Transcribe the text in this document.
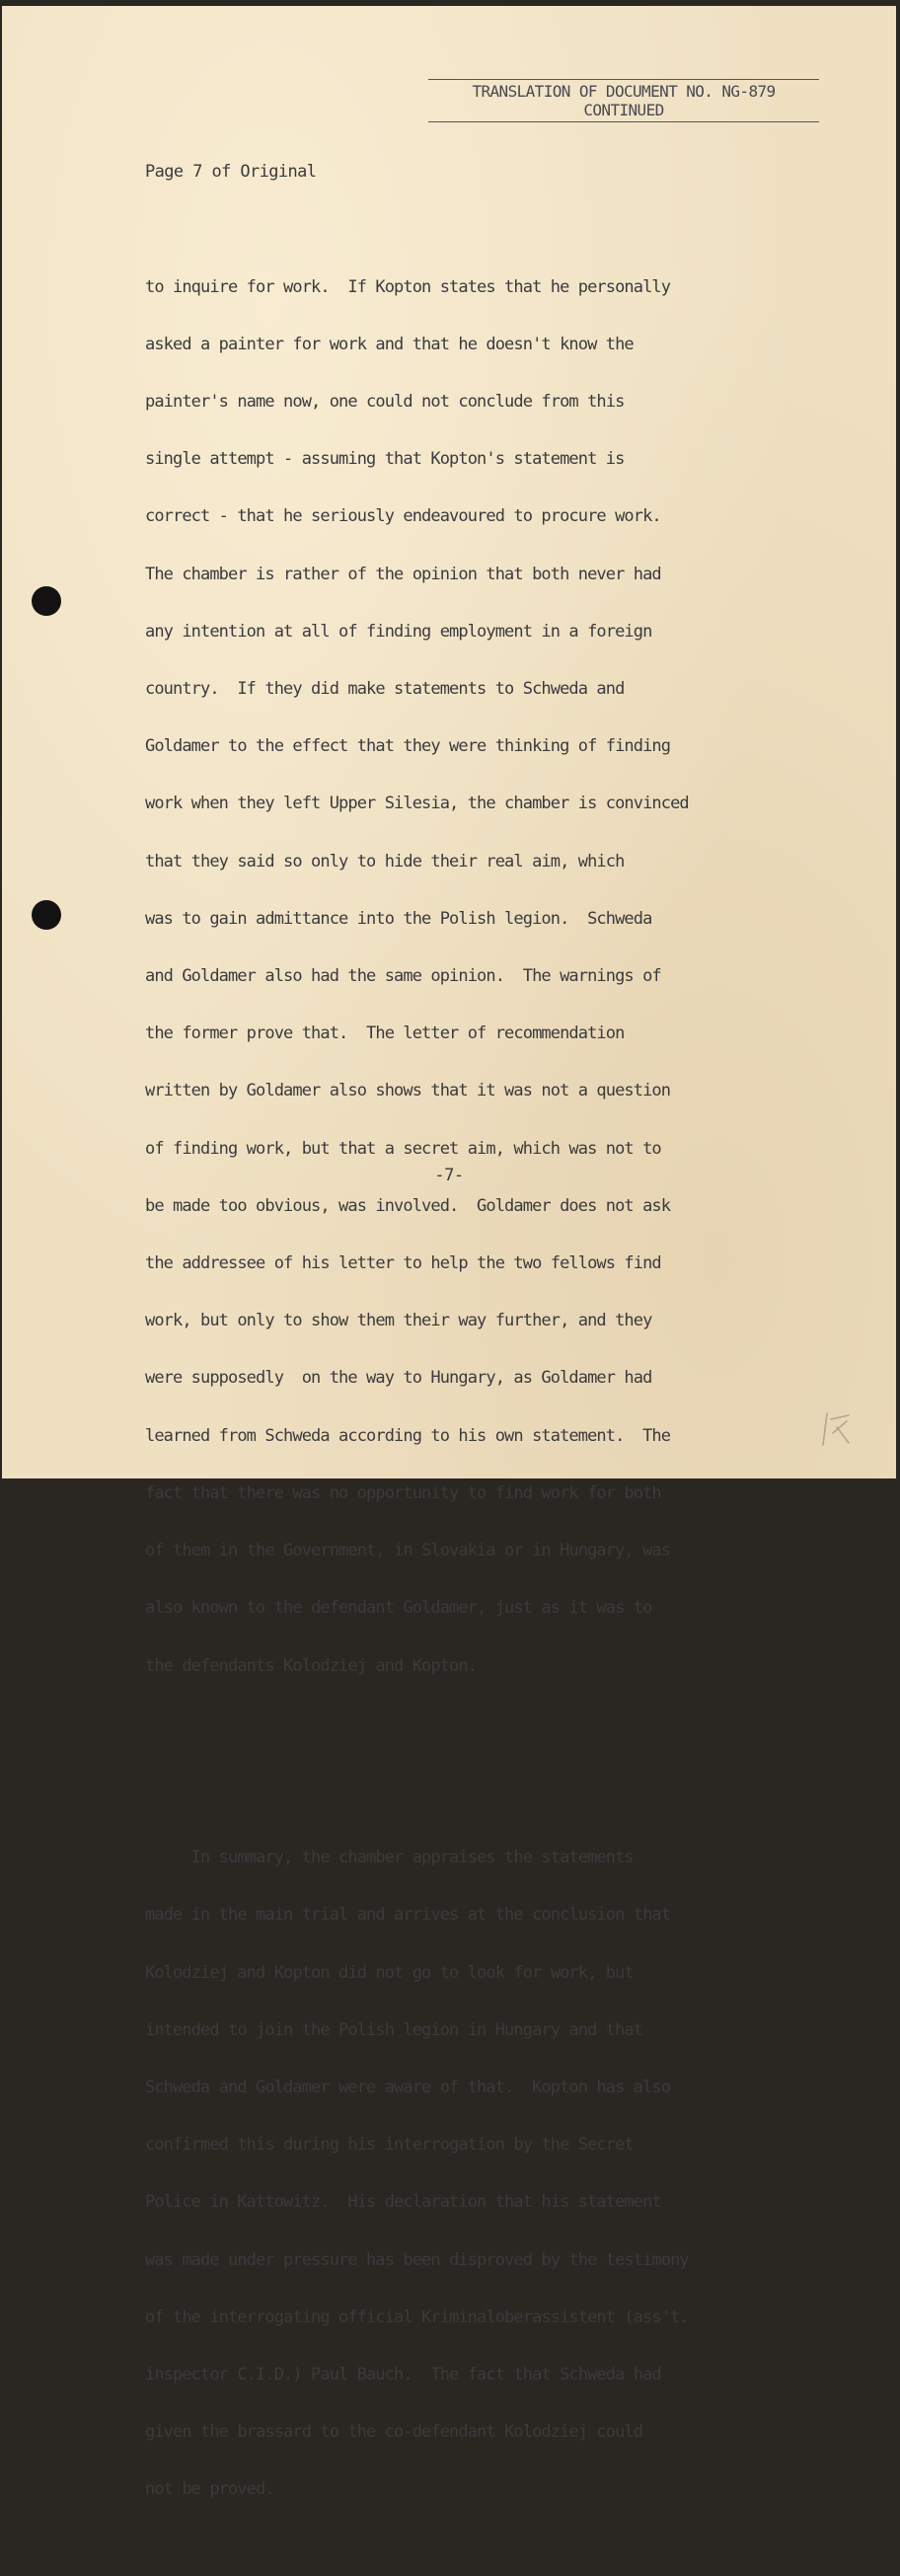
TRANSLATION OF DOCUMENT NO. NG-879
CONTINUED
Page 7 of Original

to inquire for work.  If Kopton states that he personally

asked a painter for work and that he doesn't know the

painter's name now, one could not conclude from this

single attempt - assuming that Kopton's statement is

correct - that he seriously endeavoured to procure work.

The chamber is rather of the opinion that both never had

any intention at all of finding employment in a foreign

country.  If they did make statements to Schweda and

Goldamer to the effect that they were thinking of finding

work when they left Upper Silesia, the chamber is convinced

that they said so only to hide their real aim, which

was to gain admittance into the Polish legion.  Schweda

and Goldamer also had the same opinion.  The warnings of

the former prove that.  The letter of recommendation

written by Goldamer also shows that it was not a question

of finding work, but that a secret aim, which was not to

be made too obvious, was involved.  Goldamer does not ask

the addressee of his letter to help the two fellows find

work, but only to show them their way further, and they

were supposedly  on the way to Hungary, as Goldamer had

learned from Schweda according to his own statement.  The

fact that there was no opportunity to find work for both

of them in the Government, in Slovakia or in Hungary, was

also known to the defendant Goldamer, just as it was to

the defendants Kolodziej and Kopton.

In summary, the chamber appraises the statements

made in the main trial and arrives at the conclusion that

Kolodziej and Kopton did not go to look for work, but

intended to join the Polish legion in Hungary and that

Schweda and Goldamer were aware of that.  Kopton has also

confirmed this during his interrogation by the Secret

Police in Kattowitz.  His declaration that his statement

was made under pressure has been disproved by the testimony

of the interrogating official Kriminaloberassistent (ass't.

inspector C.I.D.) Paul Bauch.  The fact that Schweda had

given the brassard to the co-defendant Kolodziej could

not be proved.

-7-
